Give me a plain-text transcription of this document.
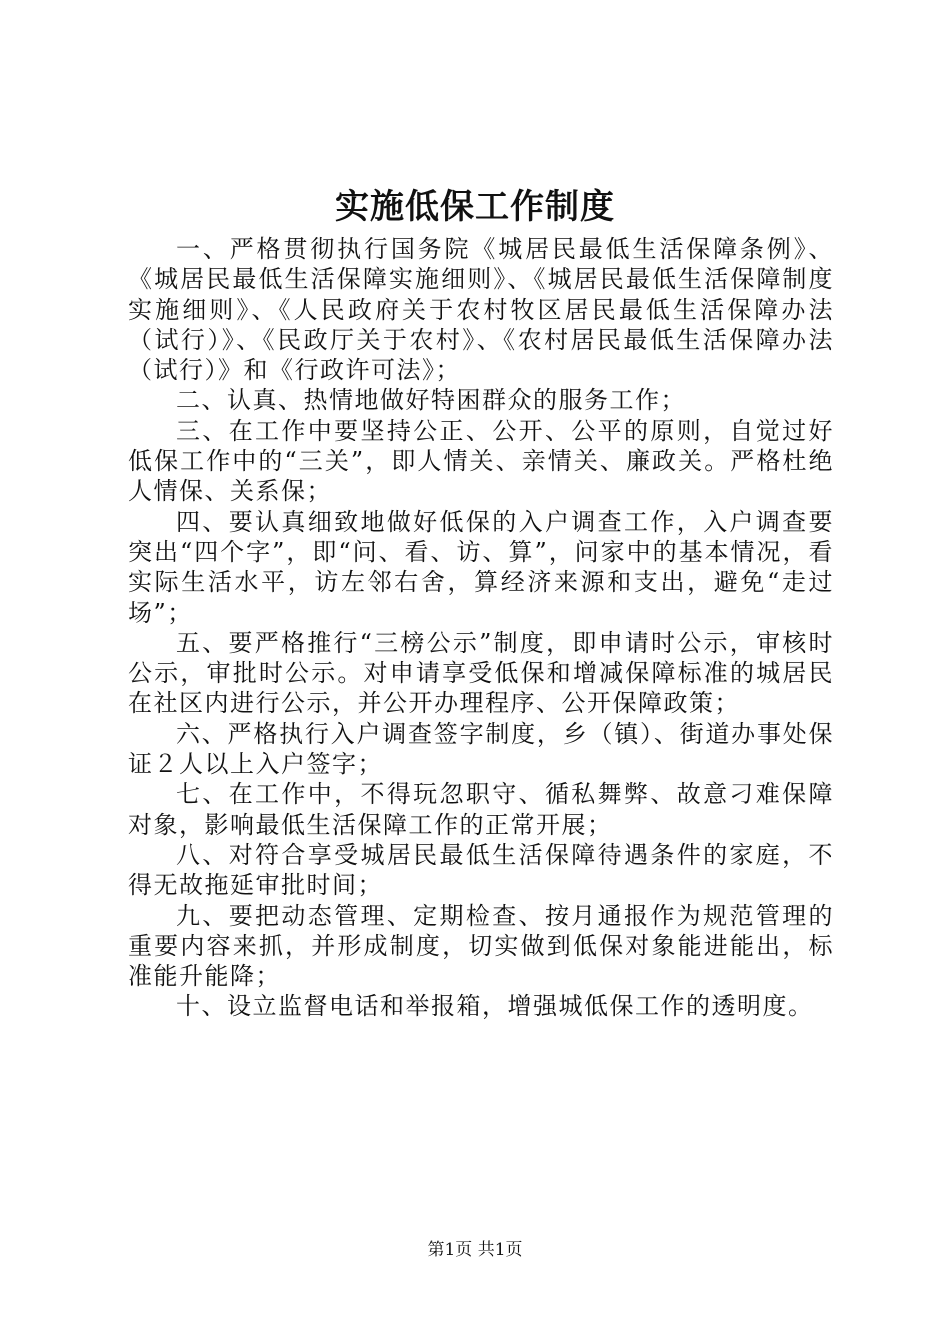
实施低保工作制度

一、严格贯彻执行国务院《城居民最低生活保障条例》、《城居民最低生活保障实施细则》、《城居民最低生活保障制度实施细则》、《人民政府关于农村牧区居民最低生活保障办法（试行）》、《民政厅关于农村》、《农村居民最低生活保障办法（试行）》和《行政许可法》；

二、认真、热情地做好特困群众的服务工作；

三、在工作中要坚持公正、公开、公平的原则，自觉过好低保工作中的“三关”，即人情关、亲情关、廉政关。严格杜绝人情保、关系保；

四、要认真细致地做好低保的入户调查工作，入户调查要突出“四个字”，即“问、看、访、算”，问家中的基本情况，看实际生活水平，访左邻右舍，算经济来源和支出，避免“走过场”；

五、要严格推行“三榜公示”制度，即申请时公示，审核时公示，审批时公示。对申请享受低保和增减保障标准的城居民在社区内进行公示，并公开办理程序、公开保障政策；

六、严格执行入户调查签字制度，乡（镇）、街道办事处保证２人以上入户签字；

七、在工作中，不得玩忽职守、循私舞弊、故意刁难保障对象，影响最低生活保障工作的正常开展；

八、对符合享受城居民最低生活保障待遇条件的家庭，不得无故拖延审批时间；

九、要把动态管理、定期检查、按月通报作为规范管理的重要内容来抓，并形成制度，切实做到低保对象能进能出，标准能升能降；

十、设立监督电话和举报箱，增强城低保工作的透明度。

第1页 共1页
